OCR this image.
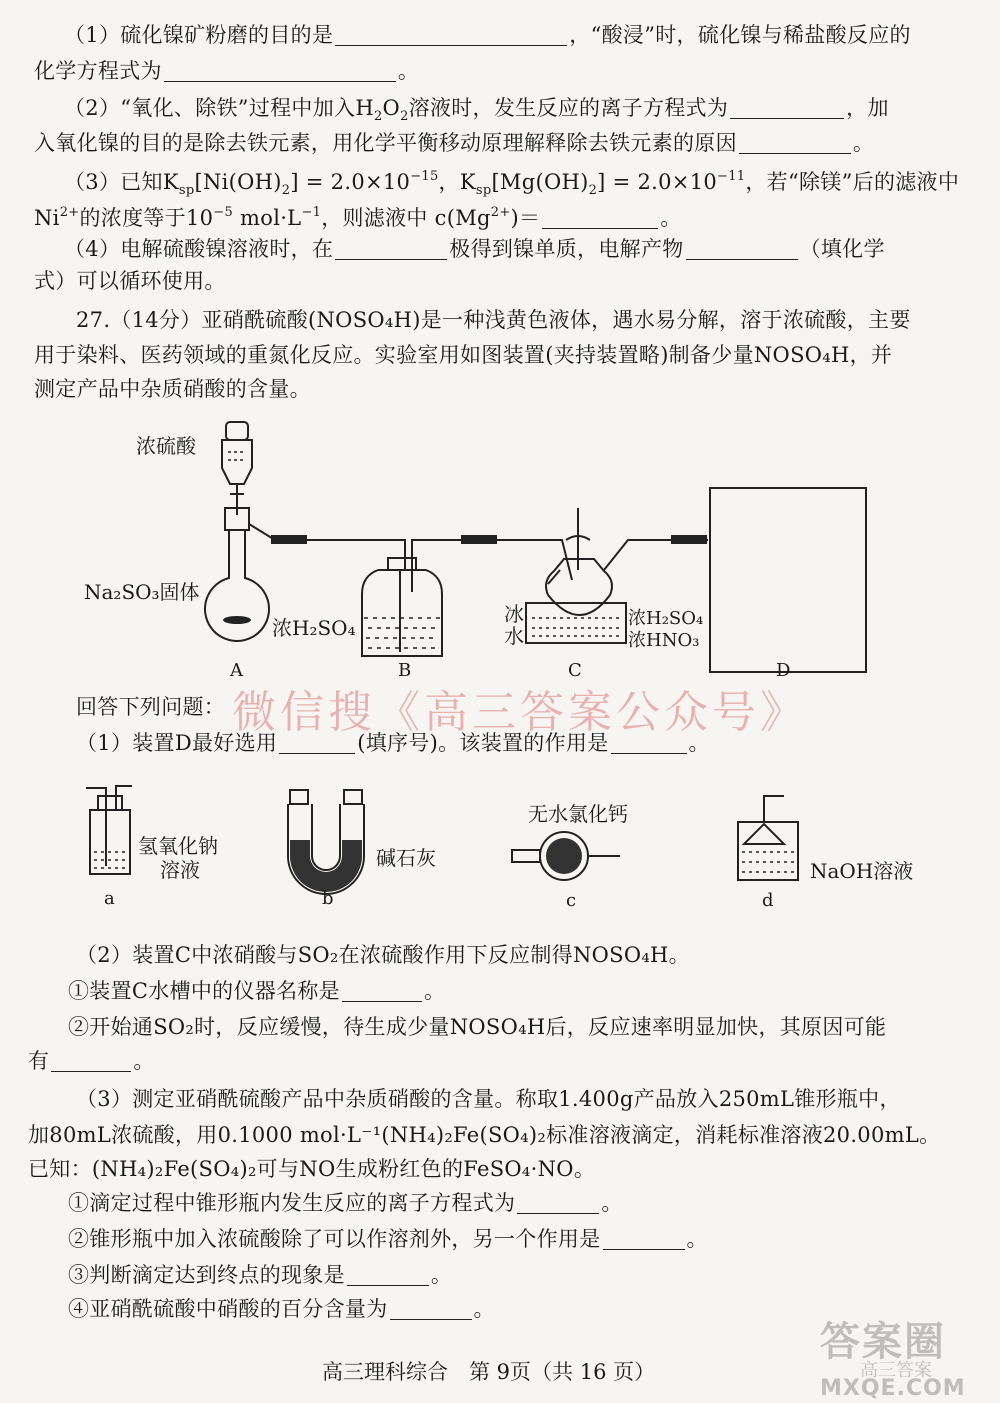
（1）硫化镍矿粉磨的目的是	，“酸浸”时，硫化镍与稀盐酸反应的
化学方程式为	。
（2）“氧化、除铁”过程中加入$H_2O_2$溶液时，发生反应的离子方程式为	，加
入氧化镍的目的是除去铁元素，用化学平衡移动原理解释除去铁元素的原因	。
（3）已知$K_{sp}[Ni(OH)_2] = 2.0\times 10^{-15}$，$K_{sp}[Mg(OH)_2] = 2.0\times 10^{-11}$，若“除镁”后的滤液中
$Ni^{2+}$的浓度等于$10^{-5}$ $mol\cdot L^{-1}$，则滤液中 $c(Mg^{2+})=$	。
（4）电解硫酸镍溶液时，在	极得到镍单质，电解产物	（填化学
式）可以循环使用。
27.（14分）亚硝酰硫酸(NOSO₄H)是一种浅黄色液体，遇水易分解，溶于浓硫酸，主要
用于染料、医药领域的重氮化反应。实验室用如图装置(夹持装置略)制备少量NOSO₄H，并
测定产品中杂质硝酸的含量。
浓硫酸
Na₂SO₃固体
浓H₂SO₄
冰
水
浓H₂SO₄
浓HNO₃
A	B	C	D
微信搜《高三答案公众号》
回答下列问题：
（1）装置D最好选用	(填序号)。该装置的作用是	。
氢氧化钠
溶液	碱石灰
无水氯化钙
NaOH溶液
a	b	c	d
（2）装置C中浓硝酸与SO₂在浓硫酸作用下反应制得NOSO₄H。
①装置C水槽中的仪器名称是	。
②开始通SO₂时，反应缓慢，待生成少量NOSO₄H后，反应速率明显加快，其原因可能
有	。
（3）测定亚硝酰硫酸产品中杂质硝酸的含量。称取1.400g产品放入250mL锥形瓶中，
加80mL浓硫酸，用0.1000 mol·L⁻¹(NH₄)₂Fe(SO₄)₂标准溶液滴定，消耗标准溶液20.00mL。
已知：(NH₄)₂Fe(SO₄)₂可与NO生成粉红色的FeSO₄·NO。
①滴定过程中锥形瓶内发生反应的离子方程式为	。
②锥形瓶中加入浓硫酸除了可以作溶剂外，另一个作用是	。
③判断滴定达到终点的现象是	。
④亚硝酰硫酸中硝酸的百分含量为	。
高三理科综合　第 9页（共 16 页）
答案圈
高三答案
MXQE.COM
